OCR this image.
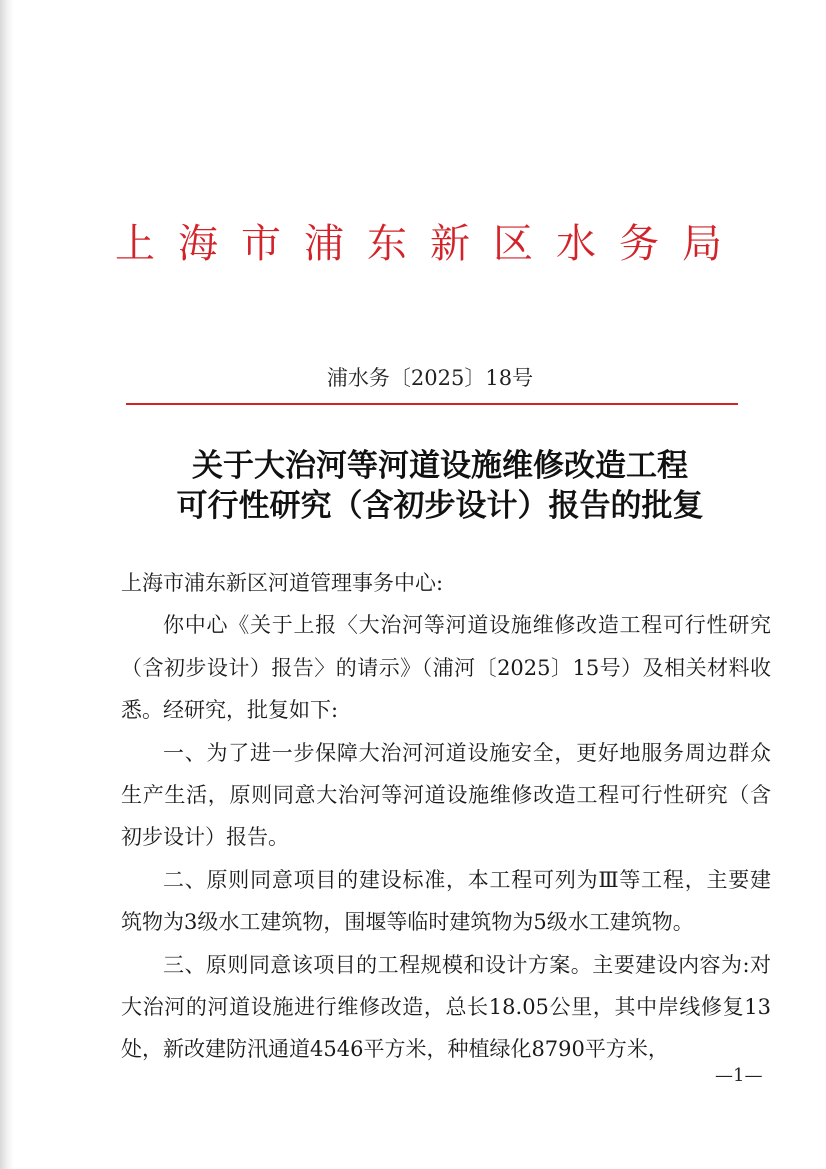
上海市浦东新区水务局
浦水务〔2025〕18号
关于大治河等河道设施维修改造工程
可行性研究（含初步设计）报告的批复

上海市浦东新区河道管理事务中心:

你中心《关于上报〈大治河等河道设施维修改造工程可行性研究（含初步设计）报告〉的请示》（浦河〔2025〕15号）及相关材料收悉。经研究，批复如下:

一、为了进一步保障大治河河道设施安全，更好地服务周边群众生产生活，原则同意大治河等河道设施维修改造工程可行性研究（含初步设计）报告。

二、原则同意项目的建设标准，本工程可列为Ⅲ等工程，主要建筑物为3级水工建筑物，围堰等临时建筑物为5级水工建筑物。

三、原则同意该项目的工程规模和设计方案。主要建设内容为:对大治河的河道设施进行维修改造，总长18.05公里，其中岸线修复13处，新改建防汛通道4546平方米，种植绿化8790平方米，

—1—
